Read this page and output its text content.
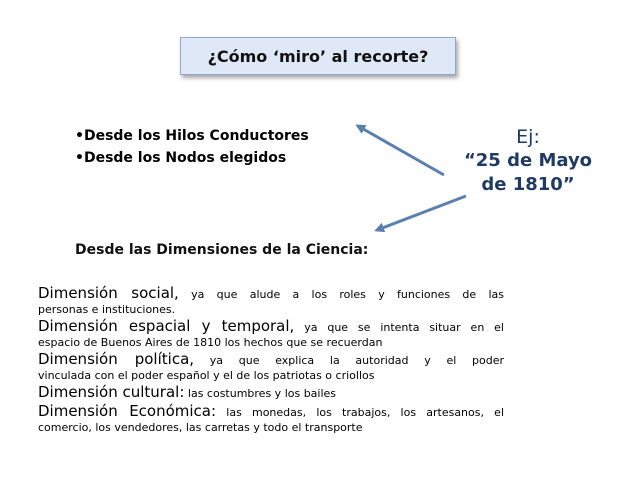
¿Cómo ‘miro’ al recorte?
•Desde los Hilos Conductores
•Desde los Nodos elegidos
Ej:
“25 de Mayo
de 1810”
Desde las Dimensiones de la Ciencia:

Dimensión social, ya que alude a los roles y funciones de las
personas e instituciones.

Dimensión espacial y temporal, ya que se intenta situar en el
espacio de Buenos Aires de 1810 los hechos que se recuerdan

Dimensión política, ya que explica la autoridad y el poder
vinculada con el poder español y el de los patriotas o criollos

Dimensión cultural: las costumbres y los bailes

Dimensión Económica: las monedas, los trabajos, los artesanos, el
comercio, los vendedores, las carretas y todo el transporte
